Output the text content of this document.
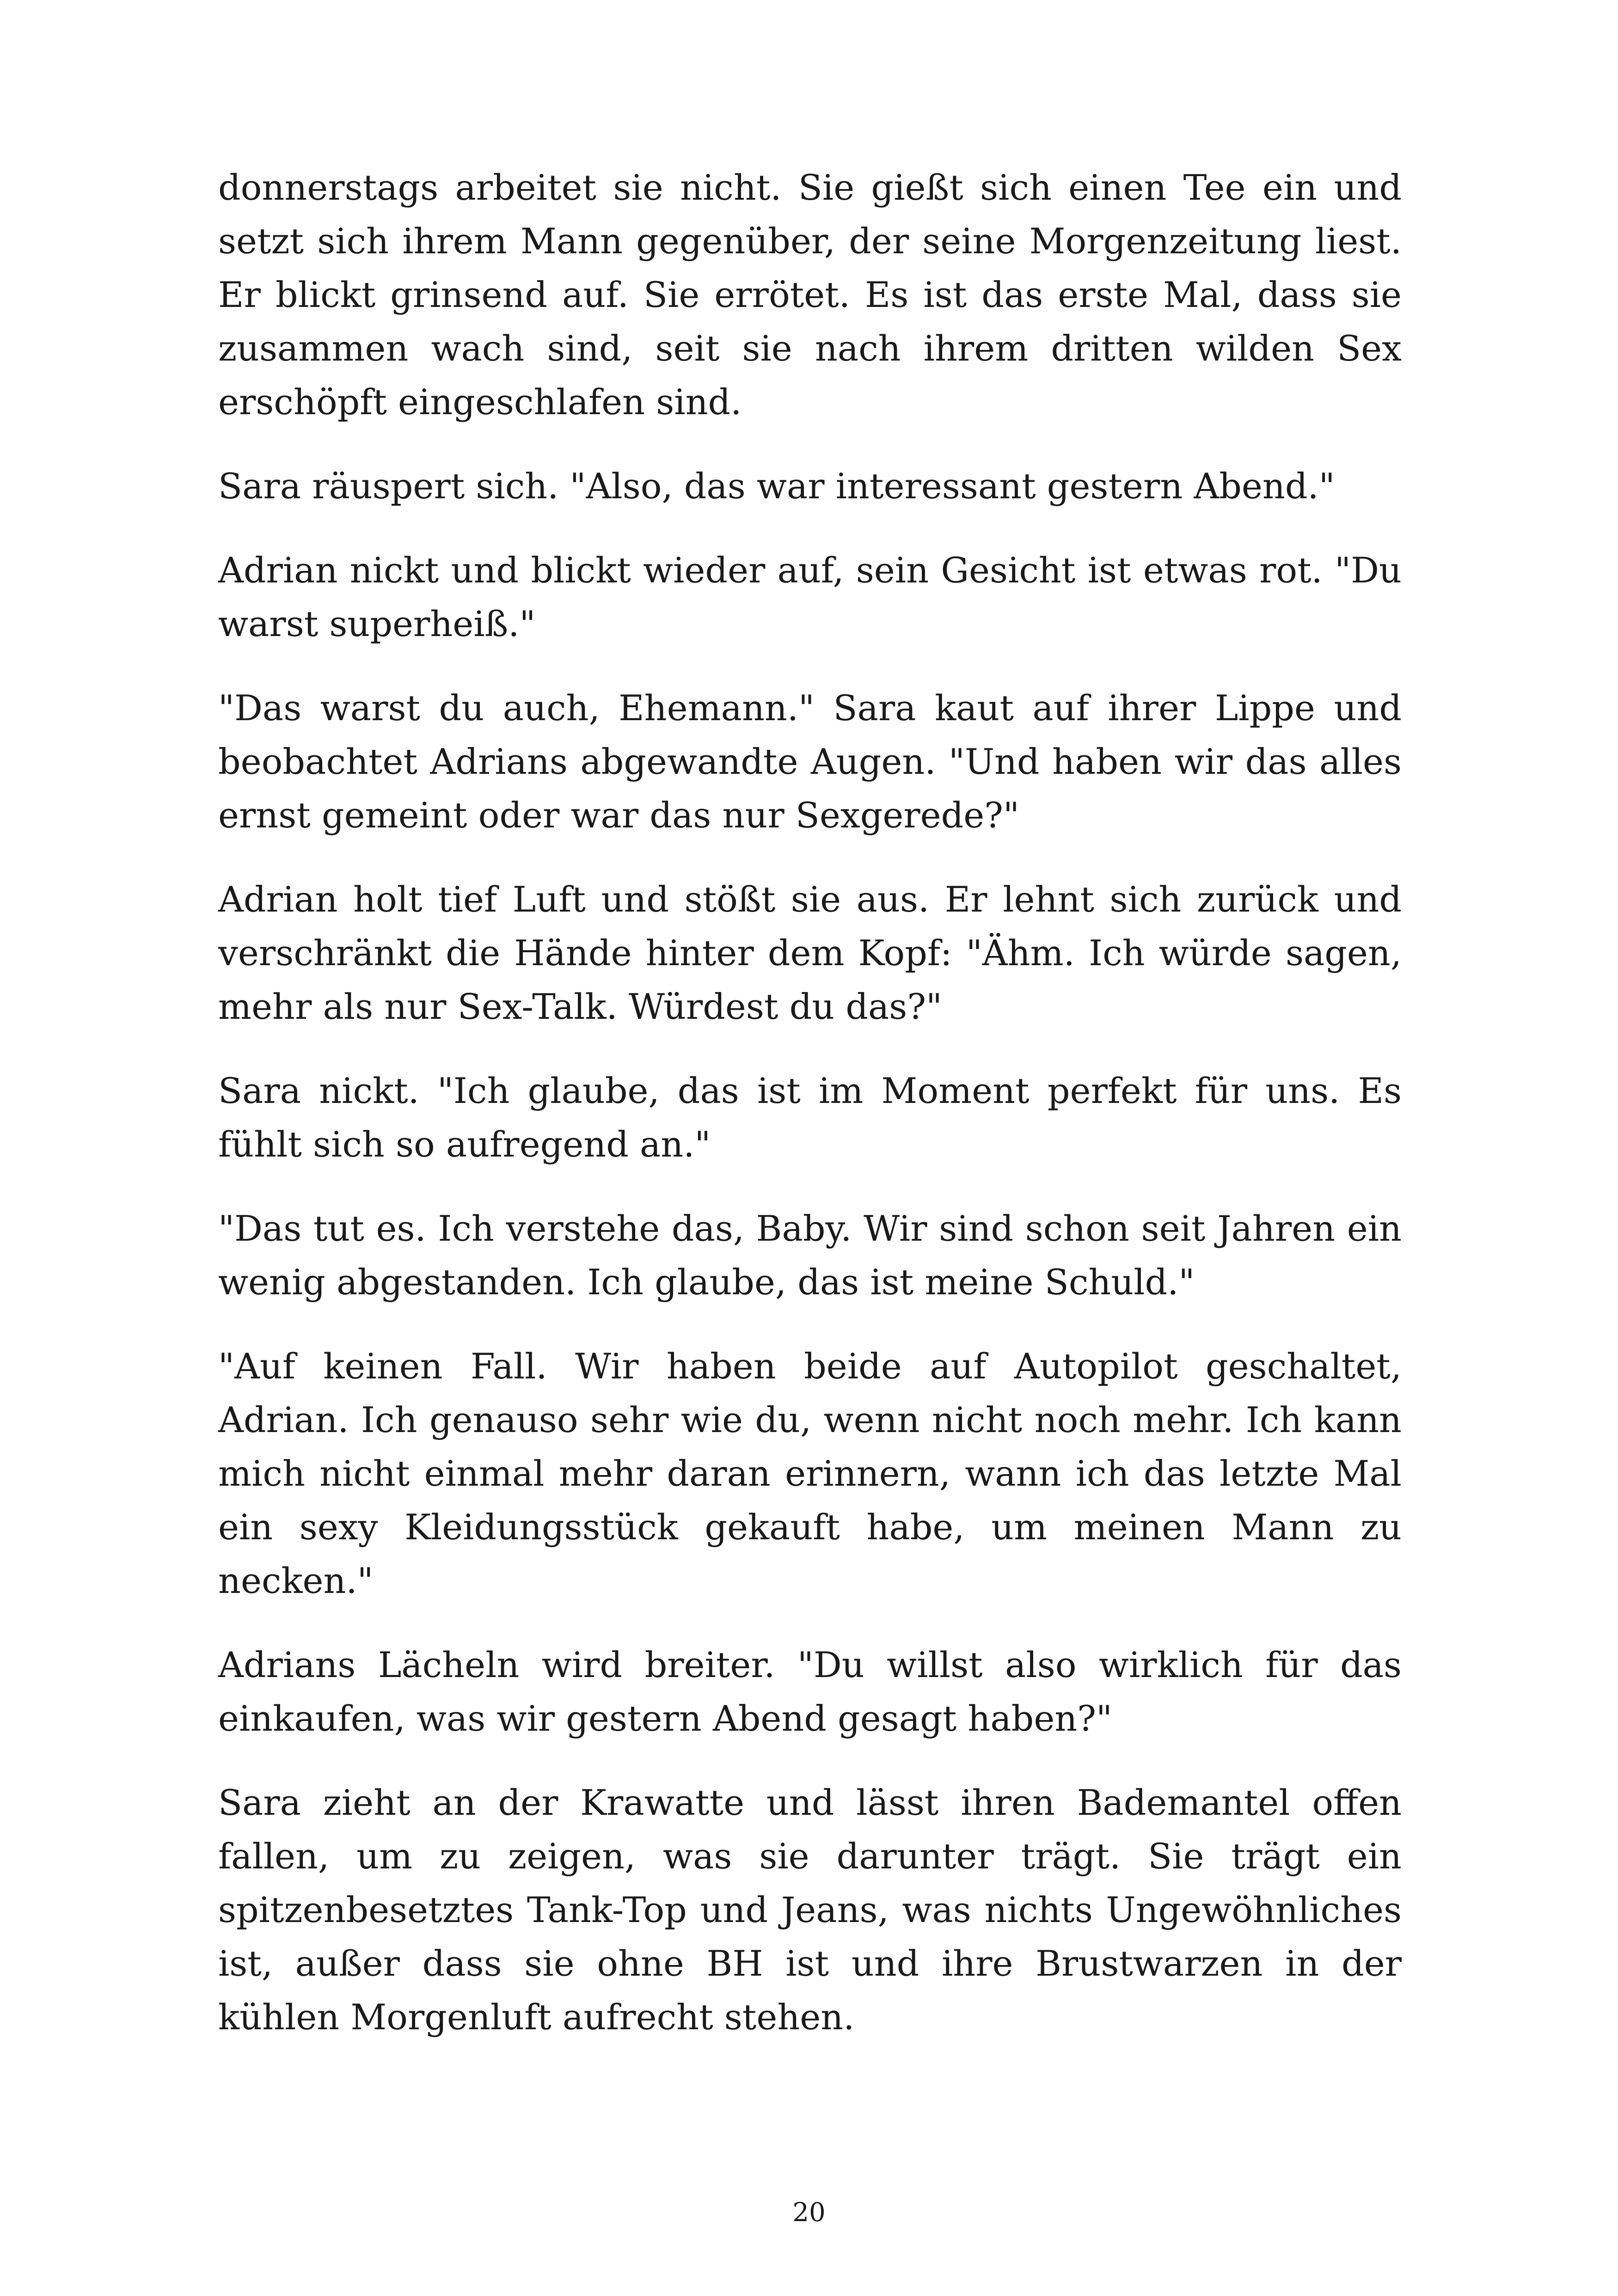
donnerstags arbeitet sie nicht. Sie gießt sich einen Tee ein und setzt sich ihrem Mann gegenüber, der seine Morgenzeitung liest. Er blickt grinsend auf. Sie errötet. Es ist das erste Mal, dass sie zusammen wach sind, seit sie nach ihrem dritten wilden Sex erschöpft eingeschlafen sind.

Sara räuspert sich. "Also, das war interessant gestern Abend."

Adrian nickt und blickt wieder auf, sein Gesicht ist etwas rot. "Du warst superheiß."

"Das warst du auch, Ehemann." Sara kaut auf ihrer Lippe und beobachtet Adrians abgewandte Augen. "Und haben wir das alles ernst gemeint oder war das nur Sexgerede?"

Adrian holt tief Luft und stößt sie aus. Er lehnt sich zurück und verschränkt die Hände hinter dem Kopf: "Ähm. Ich würde sagen, mehr als nur Sex-Talk. Würdest du das?"

Sara nickt. "Ich glaube, das ist im Moment perfekt für uns. Es fühlt sich so aufregend an."

"Das tut es. Ich verstehe das, Baby. Wir sind schon seit Jahren ein wenig abgestanden. Ich glaube, das ist meine Schuld."

"Auf keinen Fall. Wir haben beide auf Autopilot geschaltet, Adrian. Ich genauso sehr wie du, wenn nicht noch mehr. Ich kann mich nicht einmal mehr daran erinnern, wann ich das letzte Mal ein sexy Kleidungsstück gekauft habe, um meinen Mann zu necken."

Adrians Lächeln wird breiter. "Du willst also wirklich für das einkaufen, was wir gestern Abend gesagt haben?"

Sara zieht an der Krawatte und lässt ihren Bademantel offen fallen, um zu zeigen, was sie darunter trägt. Sie trägt ein spitzenbesetztes Tank-Top und Jeans, was nichts Ungewöhnliches ist, außer dass sie ohne BH ist und ihre Brustwarzen in der kühlen Morgenluft aufrecht stehen.

20
